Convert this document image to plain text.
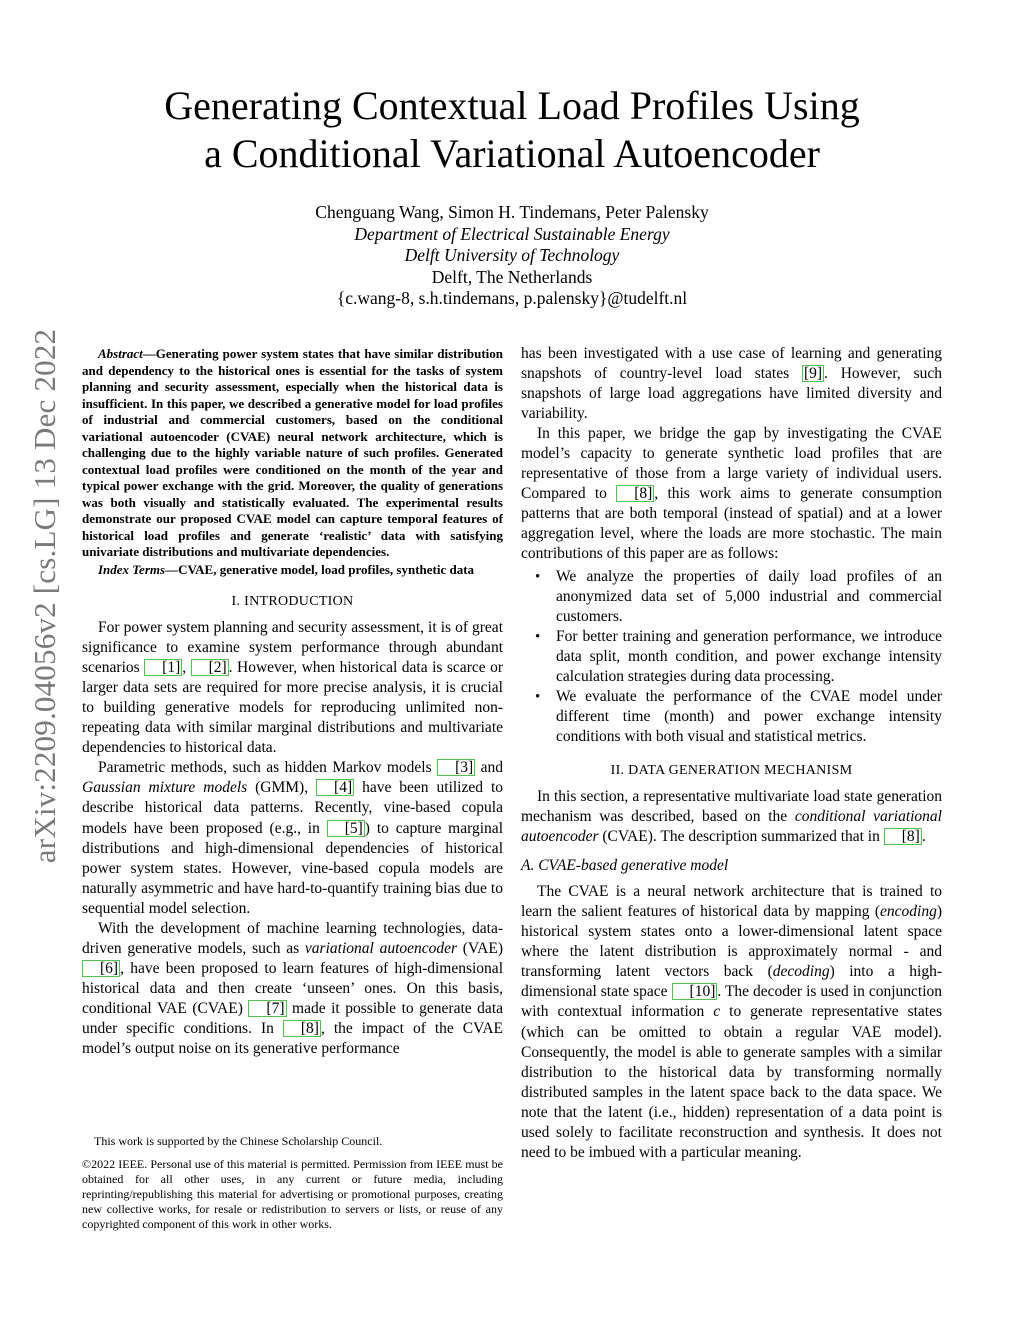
arXiv:2209.04056v2 [cs.LG] 13 Dec 2022
Generating Contextual Load Profiles Using
a Conditional Variational Autoencoder
Chenguang Wang, Simon H. Tindemans, Peter Palensky
Department of Electrical Sustainable Energy
Delft University of Technology
Delft, The Netherlands
{c.wang-8, s.h.tindemans, p.palensky}@tudelft.nl

Abstract—Generating power system states that have similar distribution and dependency to the historical ones is essential for the tasks of system planning and security assessment, especially when the historical data is insufficient. In this paper, we described a generative model for load profiles of industrial and commercial customers, based on the conditional variational autoencoder (CVAE) neural network architecture, which is challenging due to the highly variable nature of such profiles. Generated contextual load profiles were conditioned on the month of the year and typical power exchange with the grid. Moreover, the quality of generations was both visually and statistically evaluated. The experimental results demonstrate our proposed CVAE model can capture temporal features of historical load profiles and generate ‘realistic’ data with satisfying univariate distributions and multivariate dependencies.

Index Terms—CVAE, generative model, load profiles, synthetic data

I. INTRODUCTION

For power system planning and security assessment, it is of great significance to examine system performance through abundant scenarios [1] , [2] . However, when historical data is scarce or larger data sets are required for more precise analysis, it is crucial to building generative models for reproducing unlimited non-repeating data with similar marginal distributions and multivariate dependencies to historical data.

Parametric methods, such as hidden Markov models [3] and Gaussian mixture models (GMM), [4] have been utilized to describe historical data patterns. Recently, vine-based copula models have been proposed (e.g., in [5] ) to capture marginal distributions and high-dimensional dependencies of historical power system states. However, vine-based copula models are naturally asymmetric and have hard-to-quantify training bias due to sequential model selection.

With the development of machine learning technologies, data-driven generative models, such as variational autoencoder (VAE) [6] , have been proposed to learn features of high-dimensional historical data and then create ‘unseen’ ones. On this basis, conditional VAE (CVAE) [7] made it possible to generate data under specific conditions. In [8] , the impact of the CVAE model’s output noise on its generative performance

This work is supported by the Chinese Scholarship Council.

©2022 IEEE. Personal use of this material is permitted. Permission from IEEE must be obtained for all other uses, in any current or future media, including reprinting/republishing this material for advertising or promotional purposes, creating new collective works, for resale or redistribution to servers or lists, or reuse of any copyrighted component of this work in other works.

has been investigated with a use case of learning and generating snapshots of country-level load states [9] . However, such snapshots of large load aggregations have limited diversity and variability.

In this paper, we bridge the gap by investigating the CVAE model’s capacity to generate synthetic load profiles that are representative of those from a large variety of individual users. Compared to [8] , this work aims to generate consumption patterns that are both temporal (instead of spatial) and at a lower aggregation level, where the loads are more stochastic. The main contributions of this paper are as follows:

• We analyze the properties of daily load profiles of an anonymized data set of 5,000 industrial and commercial customers.
• For better training and generation performance, we introduce data split, month condition, and power exchange intensity calculation strategies during data processing.
• We evaluate the performance of the CVAE model under different time (month) and power exchange intensity conditions with both visual and statistical metrics.
II. DATA GENERATION MECHANISM

In this section, a representative multivariate load state generation mechanism was described, based on the conditional variational autoencoder (CVAE). The description summarized that in [8] .

A. CVAE-based generative model

The CVAE is a neural network architecture that is trained to learn the salient features of historical data by mapping (encoding) historical system states onto a lower-dimensional latent space where the latent distribution is approximately normal - and transforming latent vectors back (decoding) into a high-dimensional state space [10] . The decoder is used in conjunction with contextual information c to generate representative states (which can be omitted to obtain a regular VAE model). Consequently, the model is able to generate samples with a similar distribution to the historical data by transforming normally distributed samples in the latent space back to the data space. We note that the latent (i.e., hidden) representation of a data point is used solely to facilitate reconstruction and synthesis. It does not need to be imbued with a particular meaning.
